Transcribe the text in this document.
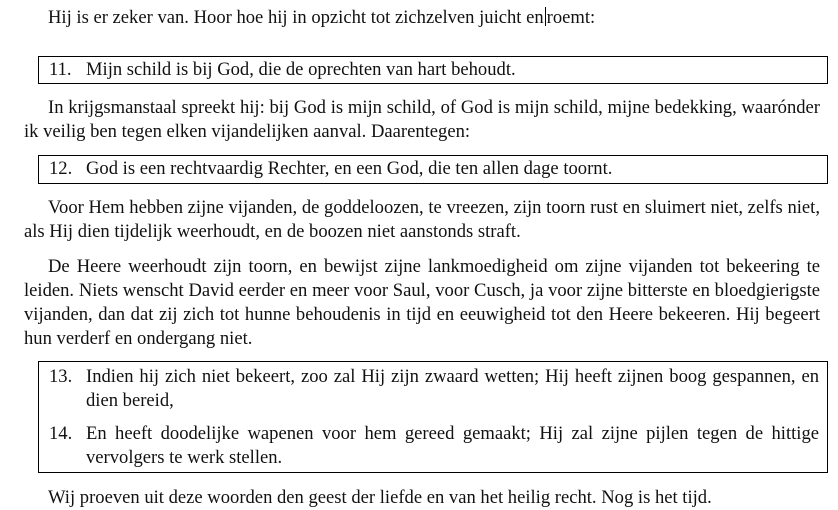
Hij is er zeker van. Hoor hoe hij in opzicht tot zichzelven juicht en roemt:

11. Mijn schild is bij God, die de oprechten van hart behoudt.

In krijgsmanstaal spreekt hij: bij God is mijn schild, of God is mijn schild, mijne bedekking, waarónder ik veilig ben tegen elken vijandelijken aanval. Daarentegen:

12. God is een rechtvaardig Rechter, en een God, die ten allen dage toornt.

Voor Hem hebben zijne vijanden, de goddeloozen, te vreezen, zijn toorn rust en sluimert niet, zelfs niet, als Hij dien tijdelijk weerhoudt, en de boozen niet aanstonds straft.

De Heere weerhoudt zijn toorn, en bewijst zijne lankmoedigheid om zijne vijanden tot bekeering te leiden. Niets wenscht David eerder en meer voor Saul, voor Cusch, ja voor zijne bitterste en bloedgierigste vijanden, dan dat zij zich tot hunne behoudenis in tijd en eeuwigheid tot den Heere bekeeren. Hij begeert hun verderf en ondergang niet.

13. Indien hij zich niet bekeert, zoo zal Hij zijn zwaard wetten; Hij heeft zijnen boog gespannen, en dien bereid,
14. En heeft doodelijke wapenen voor hem gereed gemaakt; Hij zal zijne pijlen tegen de hittige vervolgers te werk stellen.

Wij proeven uit deze woorden den geest der liefde en van het heilig recht. Nog is het tijd.
